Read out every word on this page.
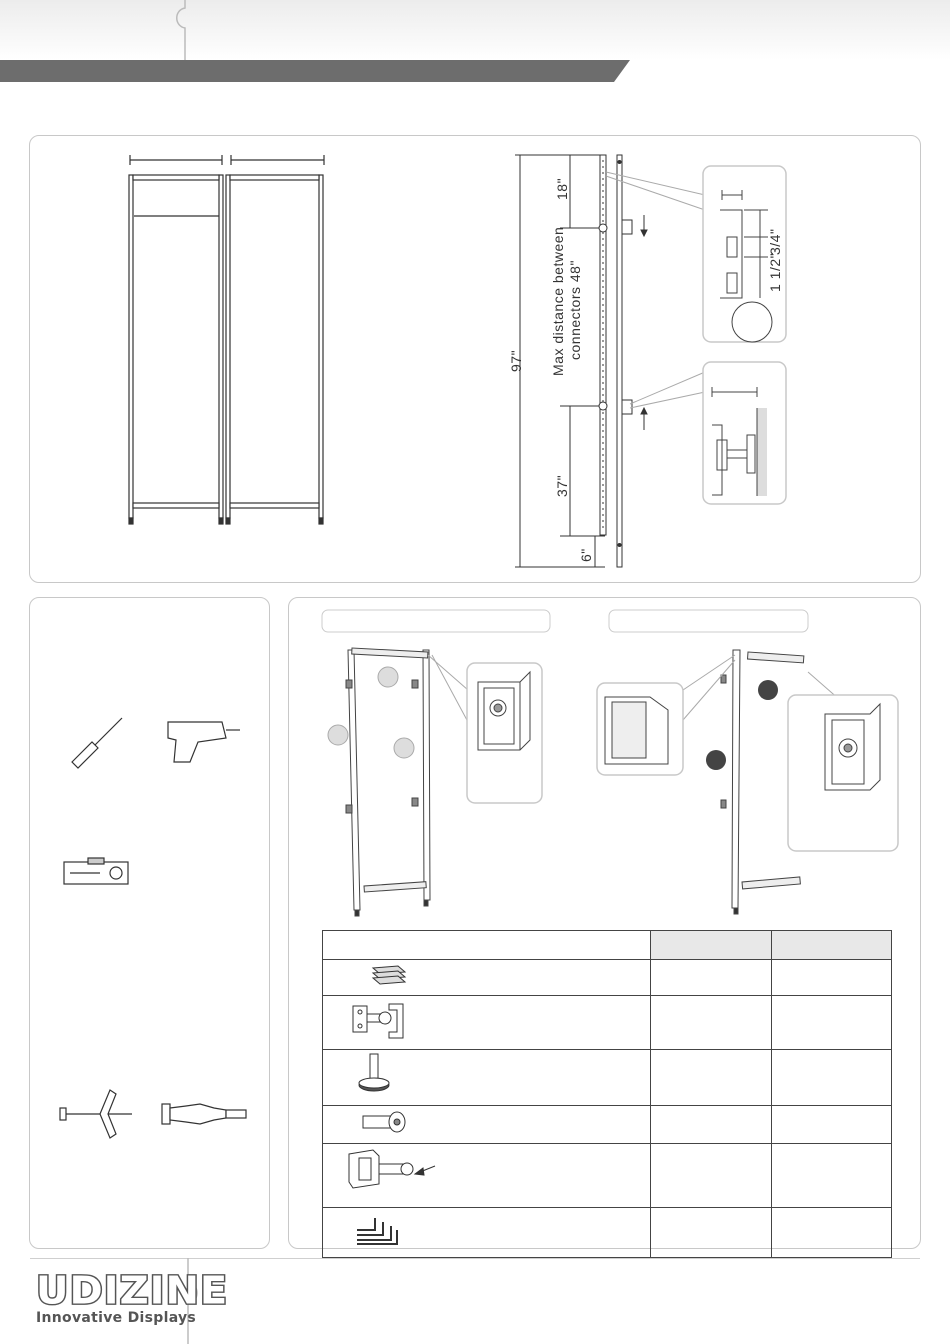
18"
97" Max distance between connectors 48"
37"
6"
3/4"
1 1/2"

UDIZINE
Innovative Displays
